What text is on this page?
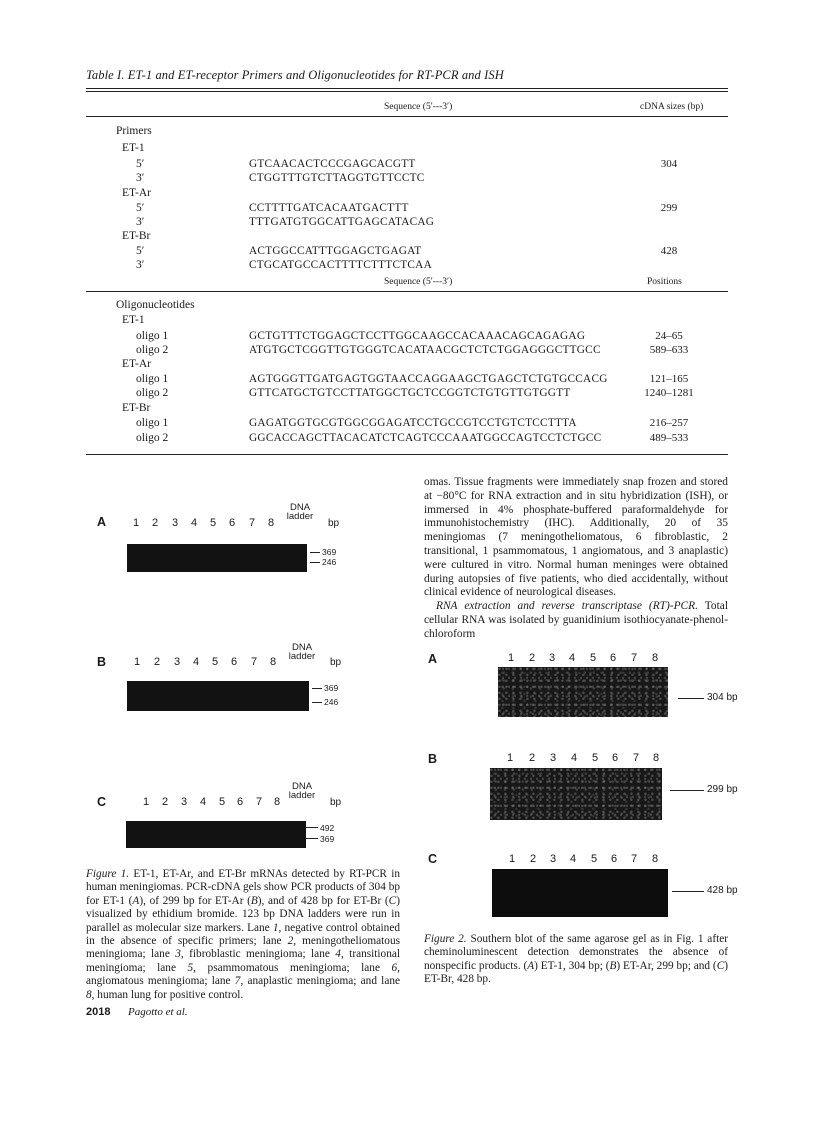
Table I. ET-1 and ET-receptor Primers and Oligonucleotides for RT-PCR and ISH
Sequence (5′---3′)	cDNA sizes (bp)
Primers
ET-1
5′	GTCAACACTCCCGAGCACGTT	304
3′	CTGGTTTGTCTTAGGTGTTCCTC
ET-Ar
5′	CCTTTTGATCACAATGACTTT	299
3′	TTTGATGTGGCATTGAGCATACAG
ET-Br
5′	ACTGGCCATTTGGAGCTGAGAT	428
3′	CTGCATGCCACTTTTCTTTCTCAA
Sequence (5′---3′)	Positions
Oligonucleotides
ET-1
oligo 1	GCTGTTTCTGGAGCTCCTTGGCAAGCCACAAACAGCAGAGAG	24–65
oligo 2	ATGTGCTCGGTTGTGGGTCACATAACGCTCTCTGGAGGGCTTGCC	589–633
ET-Ar
oligo 1	AGTGGGTTGATGAGTGGTAACCAGGAAGCTGAGCTCTGTGCCACG	121–165
oligo 2	GTTCATGCTGTCCTTATGGCTGCTCCGGTCTGTGTTGTGGTT	1240–1281
ET-Br
oligo 1	GAGATGGTGCGTGGCGGAGATCCTGCCGTCCTGTCTCCTTTA	216–257
oligo 2	GGCACCAGCTTACACATCTCAGTCCCAAATGGCCAGTCCTCTGCC	489–533
A 1 2 3 4 5 6 7 8
DNA
ladder
bp
369
246
B	1 2 3 4 5 6 7 8
DNA
ladder
bp
369
246
C	1 2 3 4 5 6 7 8
DNA
ladder
bp
492
369
Figure 1. ET-1, ET-Ar, and ET-Br mRNAs detected by RT-PCR in human meningiomas. PCR-cDNA gels show PCR products of 304 bp for ET-1 (A), of 299 bp for ET-Ar (B), and of 428 bp for ET-Br (C) visualized by ethidium bromide. 123 bp DNA ladders were run in parallel as molecular size markers. Lane 1, negative control obtained in the absence of specific primers; lane 2, meningotheliomatous meningioma; lane 3, fibroblastic meningioma; lane 4, transitional meningioma; lane 5, psammomatous meningioma; lane 6, angiomatous meningioma; lane 7, anaplastic meningioma; and lane 8, human lung for positive control.

omas. Tissue fragments were immediately snap frozen and stored at −80°C for RNA extraction and in situ hybridization (ISH), or immersed in 4% phosphate-buffered paraformaldehyde for immunohistochemistry (IHC). Additionally, 20 of 35 meningiomas (7 meningotheliomatous, 6 fibroblastic, 2 transitional, 1 psammomatous, 1 angiomatous, and 3 anaplastic) were cultured in vitro. Normal human meninges were obtained during autopsies of five patients, who died accidentally, without clinical evidence of neurological diseases.

RNA extraction and reverse transcriptase (RT)-PCR. Total cellular RNA was isolated by guanidinium isothiocyanate-phenol-chloroform

A	1 2 3 4 5 6 7 8
304 bp
B	1 2 3 4 5 6 7 8
299 bp
C	1 2 3 4 5 6 7 8
428 bp
Figure 2. Southern blot of the same agarose gel as in Fig. 1 after cheminoluminescent detection demonstrates the absence of nonspecific products. (A) ET-1, 304 bp; (B) ET-Ar, 299 bp; and (C) ET-Br, 428 bp.
2018 Pagotto et al.
